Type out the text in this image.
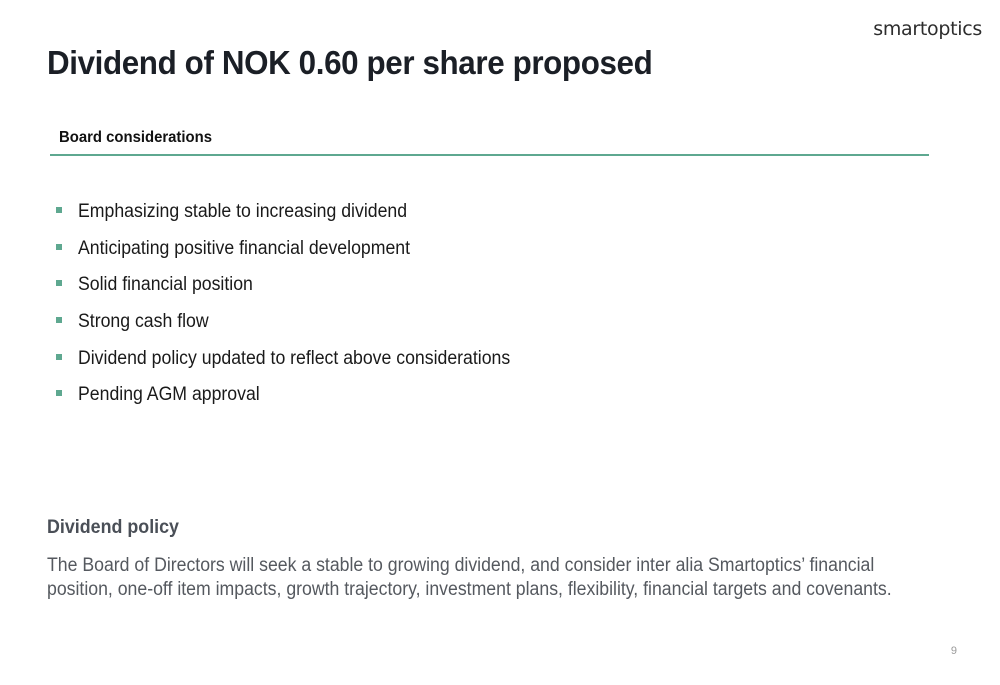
smartoptics
Dividend of NOK 0.60 per share proposed
Board considerations
Emphasizing stable to increasing dividend
Anticipating positive financial development
Solid financial position
Strong cash flow
Dividend policy updated to reflect above considerations
Pending AGM approval
Dividend policy
The Board of Directors will seek a stable to growing dividend, and consider inter alia Smartoptics’ financial position, one-off item impacts, growth trajectory, investment plans, flexibility, financial targets and covenants.
9
